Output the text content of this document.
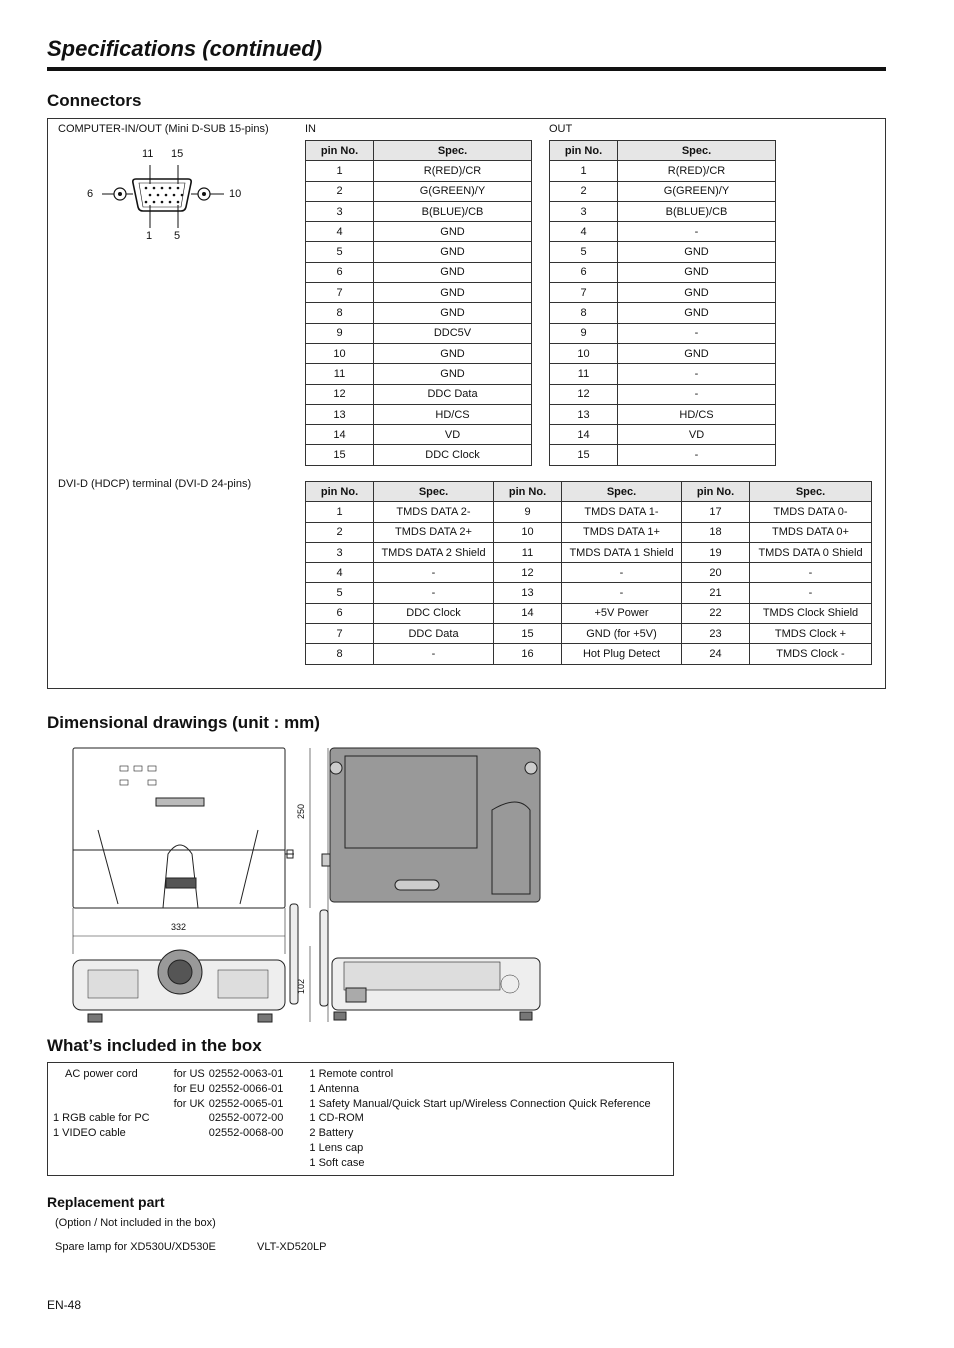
Specifications (continued)
Connectors
COMPUTER-IN/OUT (Mini D-SUB 15-pins)	IN	OUT
11 15
6	10
1 5
pin No.	Spec.
1	R(RED)/CR
2	G(GREEN)/Y
3	B(BLUE)/CB
4	GND
5	GND
6	GND
7	GND
8	GND
9	DDC5V
10	GND
11	GND
12	DDC Data
13	HD/CS
14	VD
15	DDC Clock
pin No.	Spec.
1	R(RED)/CR
2	G(GREEN)/Y
3	B(BLUE)/CB
4	-
5	GND
6	GND
7	GND
8	GND
9	-
10	GND
11	-
12	-
13	HD/CS
14	VD
15	-
DVI-D (HDCP) terminal (DVI-D 24-pins)
pin No.	Spec.	pin No.	Spec.	pin No.	Spec.
1	TMDS DATA 2-	9	TMDS DATA 1-	17	TMDS DATA 0-
2	TMDS DATA 2+	10	TMDS DATA 1+	18	TMDS DATA 0+
3	TMDS DATA 2 Shield	11	TMDS DATA 1 Shield	19	TMDS DATA 0 Shield
4	-	12	-	20	-
5	-	13	-	21	-
6	DDC Clock	14	+5V Power	22	TMDS Clock Shield
7	DDC Data	15	GND (for +5V)	23	TMDS Clock +
8	-	16	Hot Plug Detect	24	TMDS Clock -
Dimensional drawings (unit : mm)
250
332
102
What’s included in the box
AC power cord	for US	02552-0063-01	1 Remote control
	for EU	02552-0066-01	1 Antenna
	for UK	02552-0065-01	1 Safety Manual/Quick Start up/Wireless Connection Quick Reference
1 RGB cable for PC		02552-0072-00	1 CD-ROM
1 VIDEO cable		02552-0068-00	2 Battery
			1 Lens cap
			1 Soft case
Replacement part
(Option / Not included in the box)
Spare lamp for XD530U/XD530E	VLT-XD520LP
EN-48
